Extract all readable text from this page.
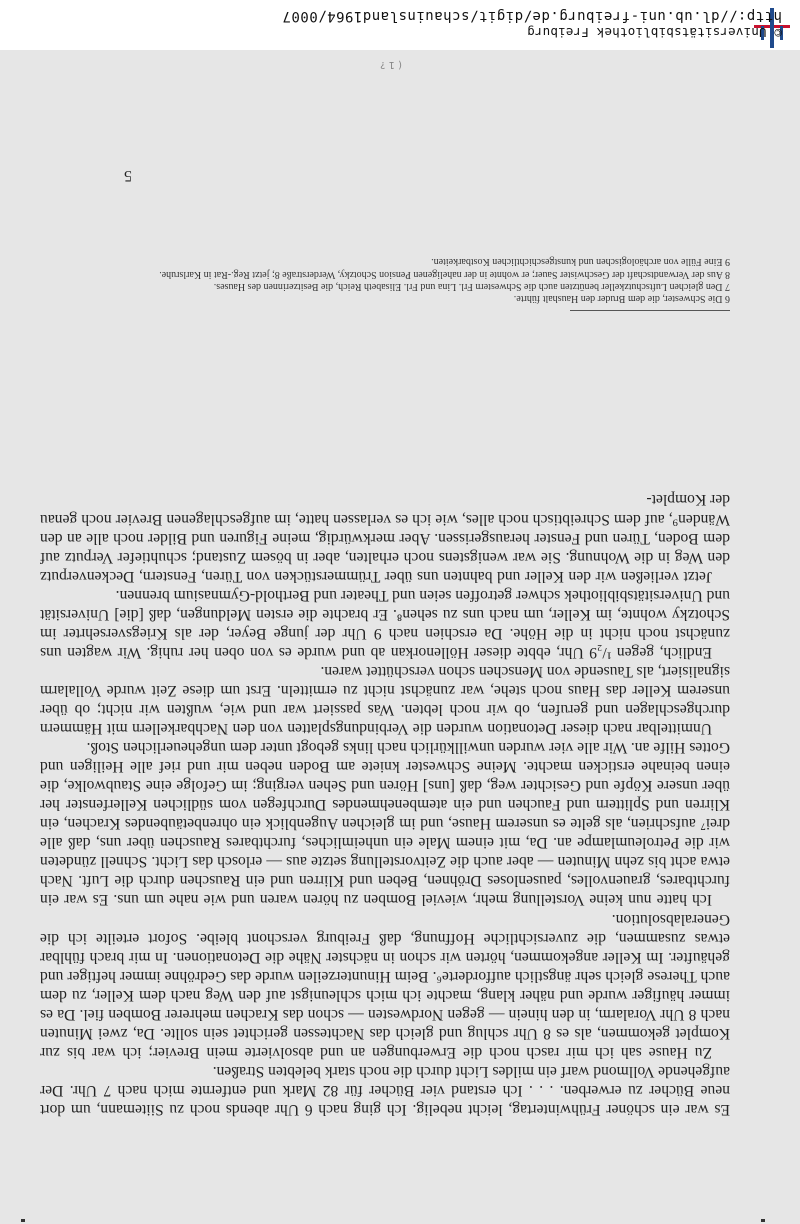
Es war ein schöner Frühwintertag, leicht nebelig. Ich ging nach 6 Uhr abends noch zu Siitemann, um dort neue Bücher zu erwerben. . . . Ich erstand vier Bücher für 82 Mark und entfernte mich nach 7 Uhr. Der aufgehende Vollmond warf ein mildes Licht durch die noch stark belebten Straßen.

Zu Hause sah ich mir rasch noch die Erwerbungen an und absolvierte mein Brevier; ich war bis zur Komplet gekommen, als es 8 Uhr schlug und gleich das Nachtessen gerichtet sein sollte. Da, zwei Minuten nach 8 Uhr Voralarm, in den hinein — gegen Nordwesten — schon das Krachen mehrerer Bomben fiel. Da es immer häufiger wurde und näher klang, machte ich mich schleunigst auf den Weg nach dem Keller, zu dem auch Therese gleich sehr ängstlich aufforderte⁶. Beim Hinunterzeilen wurde das Gedröhne immer heftiger und gehäufter. Im Keller angekommen, hörten wir schon in nächster Nähe die Detonationen. In mir brach fühlbar etwas zusammen, die zuversichtliche Hoffnung, daß Freiburg verschont bleibe. Sofort erteilte ich die Generalabsolution.

Ich hatte nun keine Vorstellung mehr, wieviel Bomben zu hören waren und wie nahe um uns. Es war ein furchtbares, grauenvolles, pausenloses Dröhnen, Beben und Klirren und ein Rauschen durch die Luft. Nach etwa acht bis zehn Minuten — aber auch die Zeitvorstellung setzte aus — erlosch das Licht. Schnell zündeten wir die Petroleumlampe an. Da, mit einem Male ein unheimliches, furchtbares Rauschen über uns, daß alle drei⁷ aufschrien, als gelte es unserem Hause, und im gleichen Augenblick ein ohrenbetäubendes Krachen, ein Klirren und Splittern und Fauchen und ein atembenehmendes Durchfegen vom südlichen Kellerfenster her über unsere Köpfe und Gesichter weg, daß [uns] Hören und Sehen verging; im Gefolge eine Staubwolke, die einen beinahe ersticken machte. Meine Schwester kniete am Boden neben mir und rief alle Heiligen und Gottes Hilfe an. Wir alle vier wurden unwillkürlich nach links gebogt unter dem ungeheuerlichen Stoß.

Unmittelbar nach dieser Detonation wurden die Verbindungsplatten von den Nachbarkellern mit Hämmern durchgeschlagen und gerufen, ob wir noch lebten. Was passiert war und wie, wußten wir nicht; ob über unserem Keller das Haus noch stehe, war zunächst nicht zu ermitteln. Erst um diese Zeit wurde Vollalarm signalisiert, als Tausende von Menschen schon verschüttet waren.

Endlich, gegen ¹/₂9 Uhr, ebbte dieser Höllenorkan ab und wurde es von oben her ruhig. Wir wagten uns zunächst noch nicht in die Höhe. Da erschien nach 9 Uhr der junge Beyer, der als Kriegsversehrter im Schotzky wohnte, im Keller, um nach uns zu sehen⁸. Er brachte die ersten Meldungen, daß [die] Universität und Universitätsbibliothek schwer getroffen seien und Theater und Berthold-Gymnasium brennen.

Jetzt verließen wir den Keller und bahnten uns über Trümmerstücken von Türen, Fenstern, Deckenverputz den Weg in die Wohnung. Sie war wenigstens noch erhalten, aber in bösem Zustand; schuhtiefer Verputz auf dem Boden, Türen und Fenster herausgerissen. Aber merkwürdig, meine Figuren und Bilder noch alle an den Wänden⁹, auf dem Schreibtisch noch alles, wie ich es verlassen hatte, im aufgeschlagenen Brevier noch genau der Komplet-

6 Die Schwester, die dem Bruder den Haushalt führte.
7 Den gleichen Luftschutzkeller benützten auch die Schwestern Frl. Lina und Frl. Elisabeth Reich, die Besitzerinnen des Hauses.
8 Aus der Verwandtschaft der Geschwister Sauer; er wohnte in der naheligenen Pension Schotzky, Werderstraße 8; jetzt Reg.-Rat in Karlsruhe.
9 Eine Fülle von archäologischen und kunstgeschichtlichen Kostbarkeiten.
5
( 1 ?
© Universitätsbibliothek Freiburg
http://dl.ub.uni-freiburg.de/digit/schauinsland1964/0007
